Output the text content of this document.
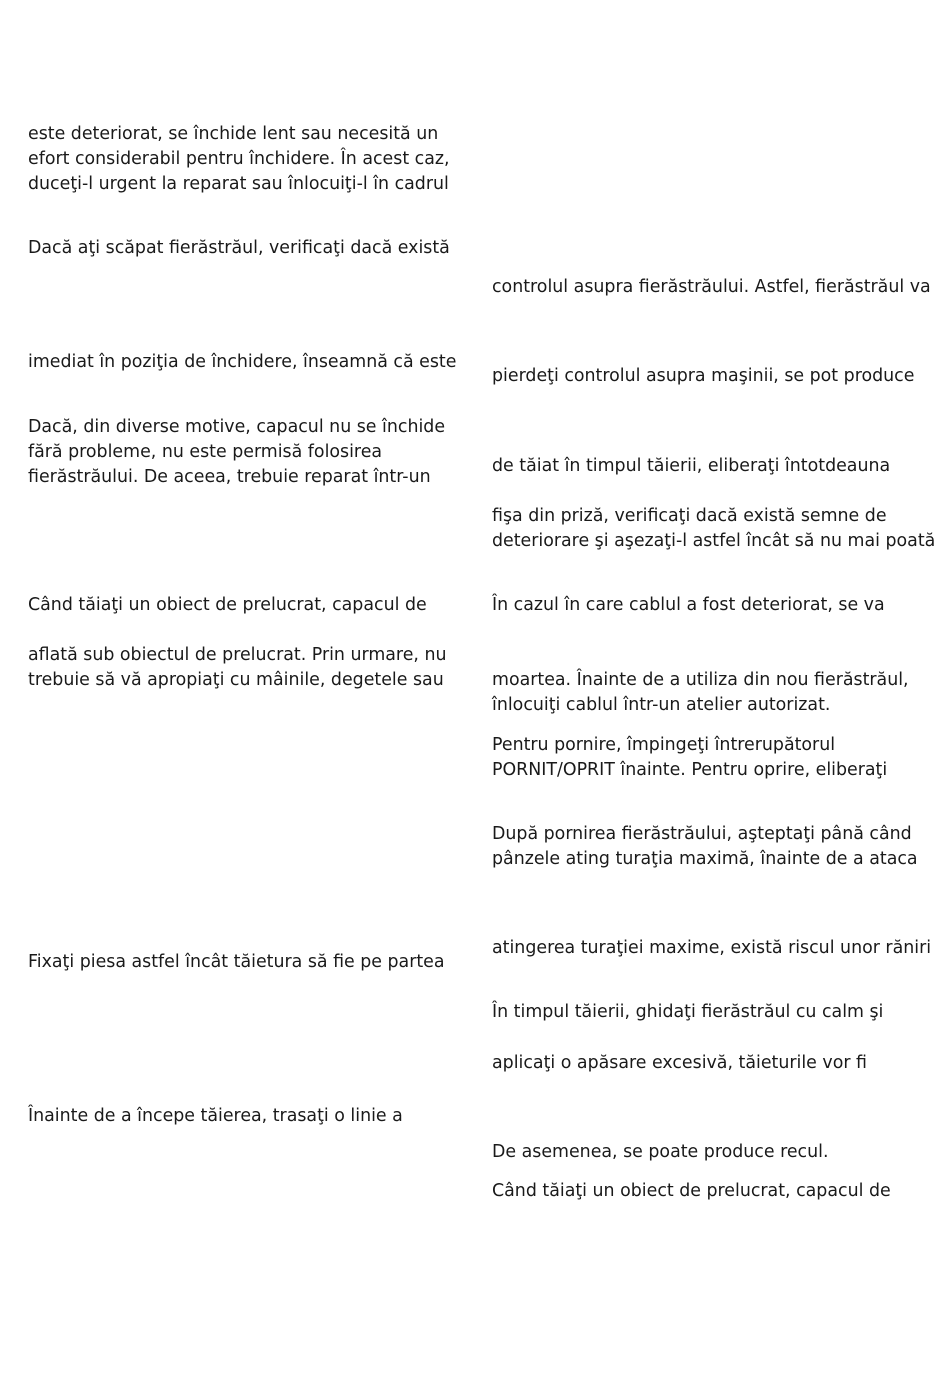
este deteriorat, se închide lent sau necesită un

efort considerabil pentru închidere. În acest caz,

duceţi-l urgent la reparat sau înlocuiţi-l în cadrul

Dacă aţi scăpat fierăstrăul, verificaţi dacă există

imediat în poziţia de închidere, înseamnă că este

Dacă, din diverse motive, capacul nu se închide

fără probleme, nu este permisă folosirea

fierăstrăului. De aceea, trebuie reparat într-un

Când tăiaţi un obiect de prelucrat, capacul de

aflată sub obiectul de prelucrat. Prin urmare, nu

trebuie să vă apropiaţi cu mâinile, degetele sau

Fixaţi piesa astfel încât tăietura să fie pe partea

Înainte de a începe tăierea, trasaţi o linie a

controlul asupra fierăstrăului. Astfel, fierăstrăul va

pierdeţi controlul asupra maşinii, se pot produce

de tăiat în timpul tăierii, eliberaţi întotdeauna

fişa din priză, verificaţi dacă există semne de

deteriorare şi aşezaţi-l astfel încât să nu mai poată

În cazul în care cablul a fost deteriorat, se va

moartea. Înainte de a utiliza din nou fierăstrăul,

înlocuiţi cablul într-un atelier autorizat.

Pentru pornire, împingeţi întrerupătorul

PORNIT/OPRIT înainte. Pentru oprire, eliberaţi

După pornirea fierăstrăului, aşteptaţi până când

pânzele ating turaţia maximă, înainte de a ataca

atingerea turaţiei maxime, există riscul unor răniri

În timpul tăierii, ghidaţi fierăstrăul cu calm şi

aplicaţi o apăsare excesivă, tăieturile vor fi

De asemenea, se poate produce recul.

Când tăiaţi un obiect de prelucrat, capacul de
